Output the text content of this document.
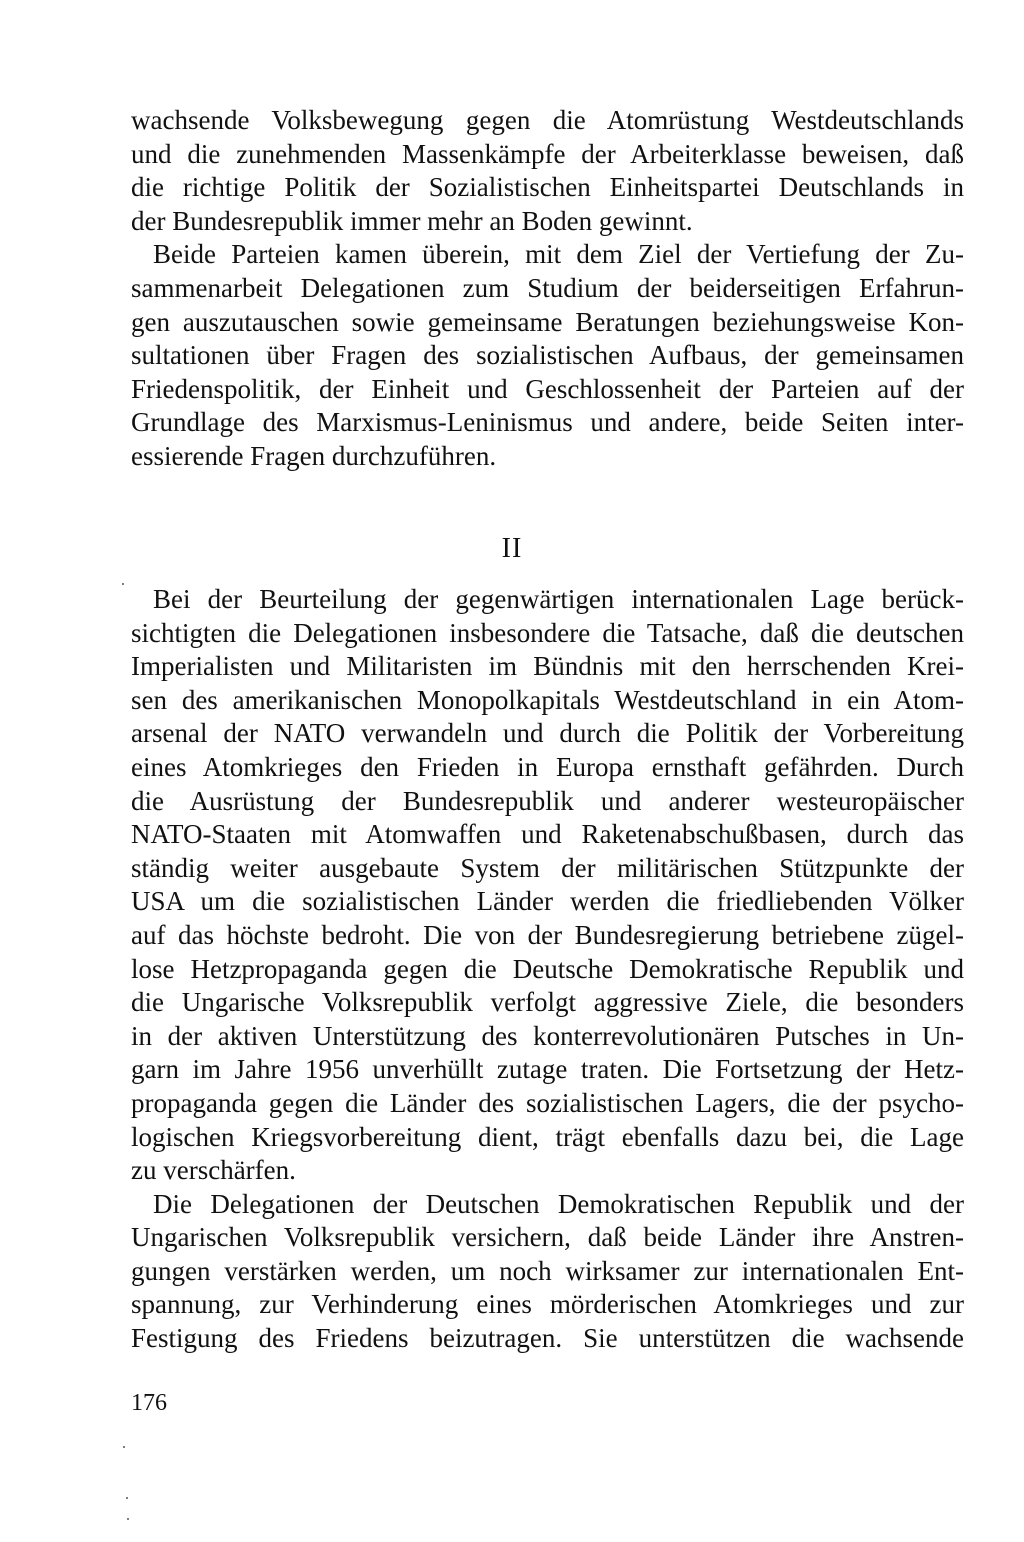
wachsende Volksbewegung gegen die Atomrüstung Westdeutschlands
und die zunehmenden Massenkämpfe der Arbeiterklasse beweisen, daß
die richtige Politik der Sozialistischen Einheitspartei Deutschlands in
der Bundesrepublik immer mehr an Boden gewinnt.
Beide Parteien kamen überein, mit dem Ziel der Vertiefung der Zu-
sammenarbeit Delegationen zum Studium der beiderseitigen Erfahrun-
gen auszutauschen sowie gemeinsame Beratungen beziehungsweise Kon-
sultationen über Fragen des sozialistischen Aufbaus, der gemeinsamen
Friedenspolitik, der Einheit und Geschlossenheit der Parteien auf der
Grundlage des Marxismus-Leninismus und andere, beide Seiten inter-
essierende Fragen durchzuführen.
II
Bei der Beurteilung der gegenwärtigen internationalen Lage berück-
sichtigten die Delegationen insbesondere die Tatsache, daß die deutschen
Imperialisten und Militaristen im Bündnis mit den herrschenden Krei-
sen des amerikanischen Monopolkapitals Westdeutschland in ein Atom-
arsenal der NATO verwandeln und durch die Politik der Vorbereitung
eines Atomkrieges den Frieden in Europa ernsthaft gefährden. Durch
die Ausrüstung der Bundesrepublik und anderer westeuropäischer
NATO-Staaten mit Atomwaffen und Raketenabschußbasen, durch das
ständig weiter ausgebaute System der militärischen Stützpunkte der
USA um die sozialistischen Länder werden die friedliebenden Völker
auf das höchste bedroht. Die von der Bundesregierung betriebene zügel-
lose Hetzpropaganda gegen die Deutsche Demokratische Republik und
die Ungarische Volksrepublik verfolgt aggressive Ziele, die besonders
in der aktiven Unterstützung des konterrevolutionären Putsches in Un-
garn im Jahre 1956 unverhüllt zutage traten. Die Fortsetzung der Hetz-
propaganda gegen die Länder des sozialistischen Lagers, die der psycho-
logischen Kriegsvorbereitung dient, trägt ebenfalls dazu bei, die Lage
zu verschärfen.
Die Delegationen der Deutschen Demokratischen Republik und der
Ungarischen Volksrepublik versichern, daß beide Länder ihre Anstren-
gungen verstärken werden, um noch wirksamer zur internationalen Ent-
spannung, zur Verhinderung eines mörderischen Atomkrieges und zur
Festigung des Friedens beizutragen. Sie unterstützen die wachsende
176
